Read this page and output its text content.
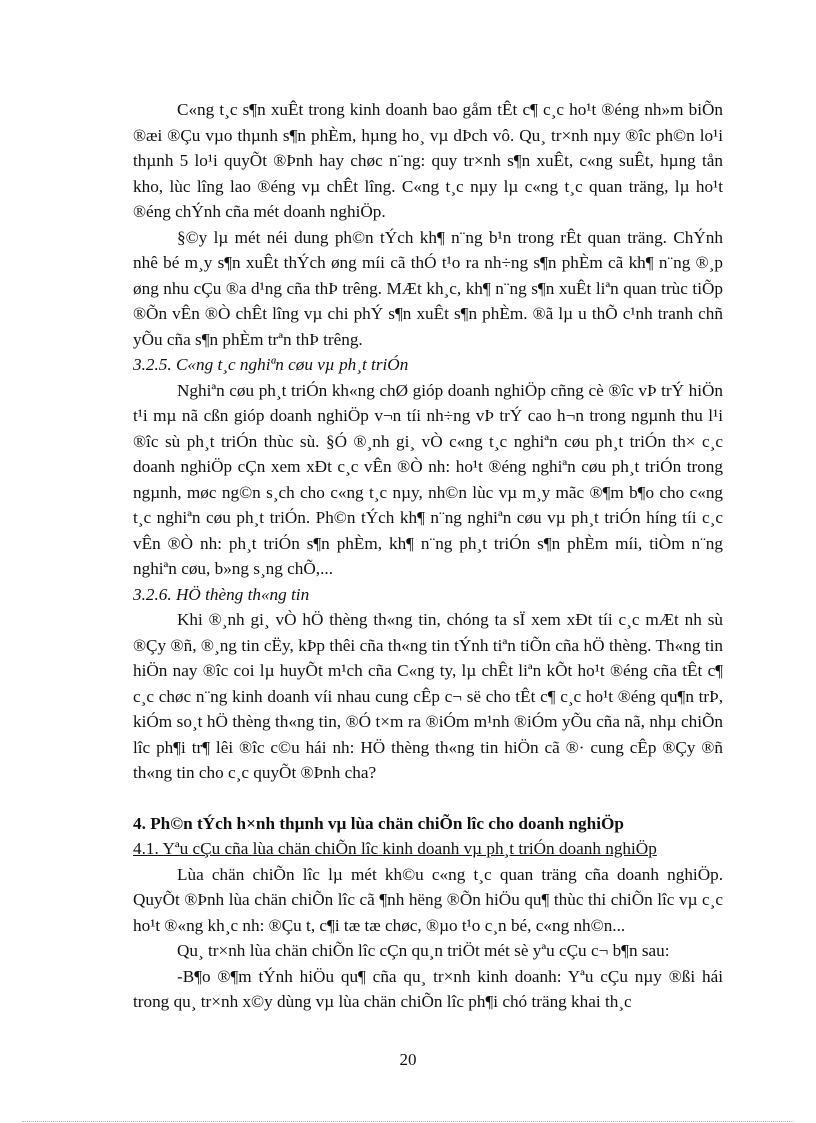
C«ng t¸c s¶n xuÊt trong kinh doanh bao gåm tÊt c¶ c¸c ho¹t ®éng nh»m biÕn ®æi ®Çu vµo thµnh s¶n phÈm, hµng ho¸ vµ dÞch vô. Qu¸ tr×nh nµy ®îc ph©n lo¹i thµnh 5 lo¹i quyÕt ®Þnh hay chøc n¨ng: quy tr×nh s¶n xuÊt, c«ng suÊt, hµng tån kho, lùc lîng lao ®éng vµ chÊt lîng. C«ng t¸c nµy lµ c«ng t¸c quan träng, lµ ho¹t ®éng chÝnh cña mét doanh nghiÖp.

§©y lµ mét néi dung ph©n tÝch kh¶ n¨ng b¹n trong rÊt quan träng. ChÝnh nhê bé m¸y s¶n xuÊt thÝch øng míi cã thÓ t¹o ra nh÷ng s¶n phÈm cã kh¶ n¨ng ®¸p øng nhu cÇu ®a d¹ng cña thÞ trêng. MÆt kh¸c, kh¶ n¨ng s¶n xuÊt liªn quan trùc tiÕp ®Õn vÊn ®Ò chÊt lîng vµ chi phÝ s¶n xuÊt s¶n phÈm. ®ã lµ u thÕ c¹nh tranh chñ yÕu cña s¶n phÈm trªn thÞ trêng.

3.2.5. C«ng t¸c nghiªn cøu vµ ph¸t triÓn

Nghiªn cøu ph¸t triÓn kh«ng chØ gióp doanh nghiÖp cñng cè ®îc vÞ trÝ hiÖn t¹i mµ nã cßn gióp doanh nghiÖp v¬n tíi nh÷ng vÞ trÝ cao h¬n trong ngµnh thu l¹i ®îc sù ph¸t triÓn thùc sù. §Ó ®¸nh gi¸ vÒ c«ng t¸c nghiªn cøu ph¸t triÓn th× c¸c doanh nghiÖp cÇn xem xÐt c¸c vÊn ®Ò nh: ho¹t ®éng nghiªn cøu ph¸t triÓn trong ngµnh, møc ng©n s¸ch cho c«ng t¸c nµy, nh©n lùc vµ m¸y mãc ®¶m b¶o cho c«ng t¸c nghiªn cøu ph¸t triÓn. Ph©n tÝch kh¶ n¨ng nghiªn cøu vµ ph¸t triÓn híng tíi c¸c vÊn ®Ò nh: ph¸t triÓn s¶n phÈm, kh¶ n¨ng ph¸t triÓn s¶n phÈm míi, tiÒm n¨ng nghiªn cøu, b»ng s¸ng chÕ,...

3.2.6. HÖ thèng th«ng tin

Khi ®¸nh gi¸ vÒ hÖ thèng th«ng tin, chóng ta sÏ xem xÐt tíi c¸c mÆt nh sù ®Çy ®ñ, ®¸ng tin cËy, kÞp thêi cña th«ng tin tÝnh tiªn tiÕn cña hÖ thèng. Th«ng tin hiÖn nay ®îc coi lµ huyÕt m¹ch cña C«ng ty, lµ chÊt liªn kÕt ho¹t ®éng cña tÊt c¶ c¸c chøc n¨ng kinh doanh víi nhau cung cÊp c¬ së cho tÊt c¶ c¸c ho¹t ®éng qu¶n trÞ, kiÓm so¸t hÖ thèng th«ng tin, ®Ó t×m ra ®iÓm m¹nh ®iÓm yÕu cña nã, nhµ chiÕn lîc ph¶i tr¶ lêi ®îc c©u hái nh: HÖ thèng th«ng tin hiÖn cã ®· cung cÊp ®Çy ®ñ th«ng tin cho c¸c quyÕt ®Þnh cha?

4. Ph©n tÝch h×nh thµnh vµ lùa chän chiÕn lîc cho doanh nghiÖp

4.1. Yªu cÇu cña lùa chän chiÕn lîc kinh doanh vµ ph¸t triÓn doanh nghiÖp

Lùa chän chiÕn lîc lµ mét kh©u c«ng t¸c quan träng cña doanh nghiÖp. QuyÕt ®Þnh lùa chän chiÕn lîc cã ¶nh hëng ®Õn hiÖu qu¶ thùc thi chiÕn lîc vµ c¸c ho¹t ®«ng kh¸c nh: ®Çu t, c¶i tæ tæ chøc, ®µo t¹o c¸n bé, c«ng nh©n...

Qu¸ tr×nh lùa chän chiÕn lîc cÇn qu¸n triÖt mét sè yªu cÇu c¬ b¶n sau:

-B¶o ®¶m tÝnh hiÖu qu¶ cña qu¸ tr×nh kinh doanh: Yªu cÇu nµy ®ßi hái trong qu¸ tr×nh x©y dùng vµ lùa chän chiÕn lîc ph¶i chó träng khai th¸c

20
